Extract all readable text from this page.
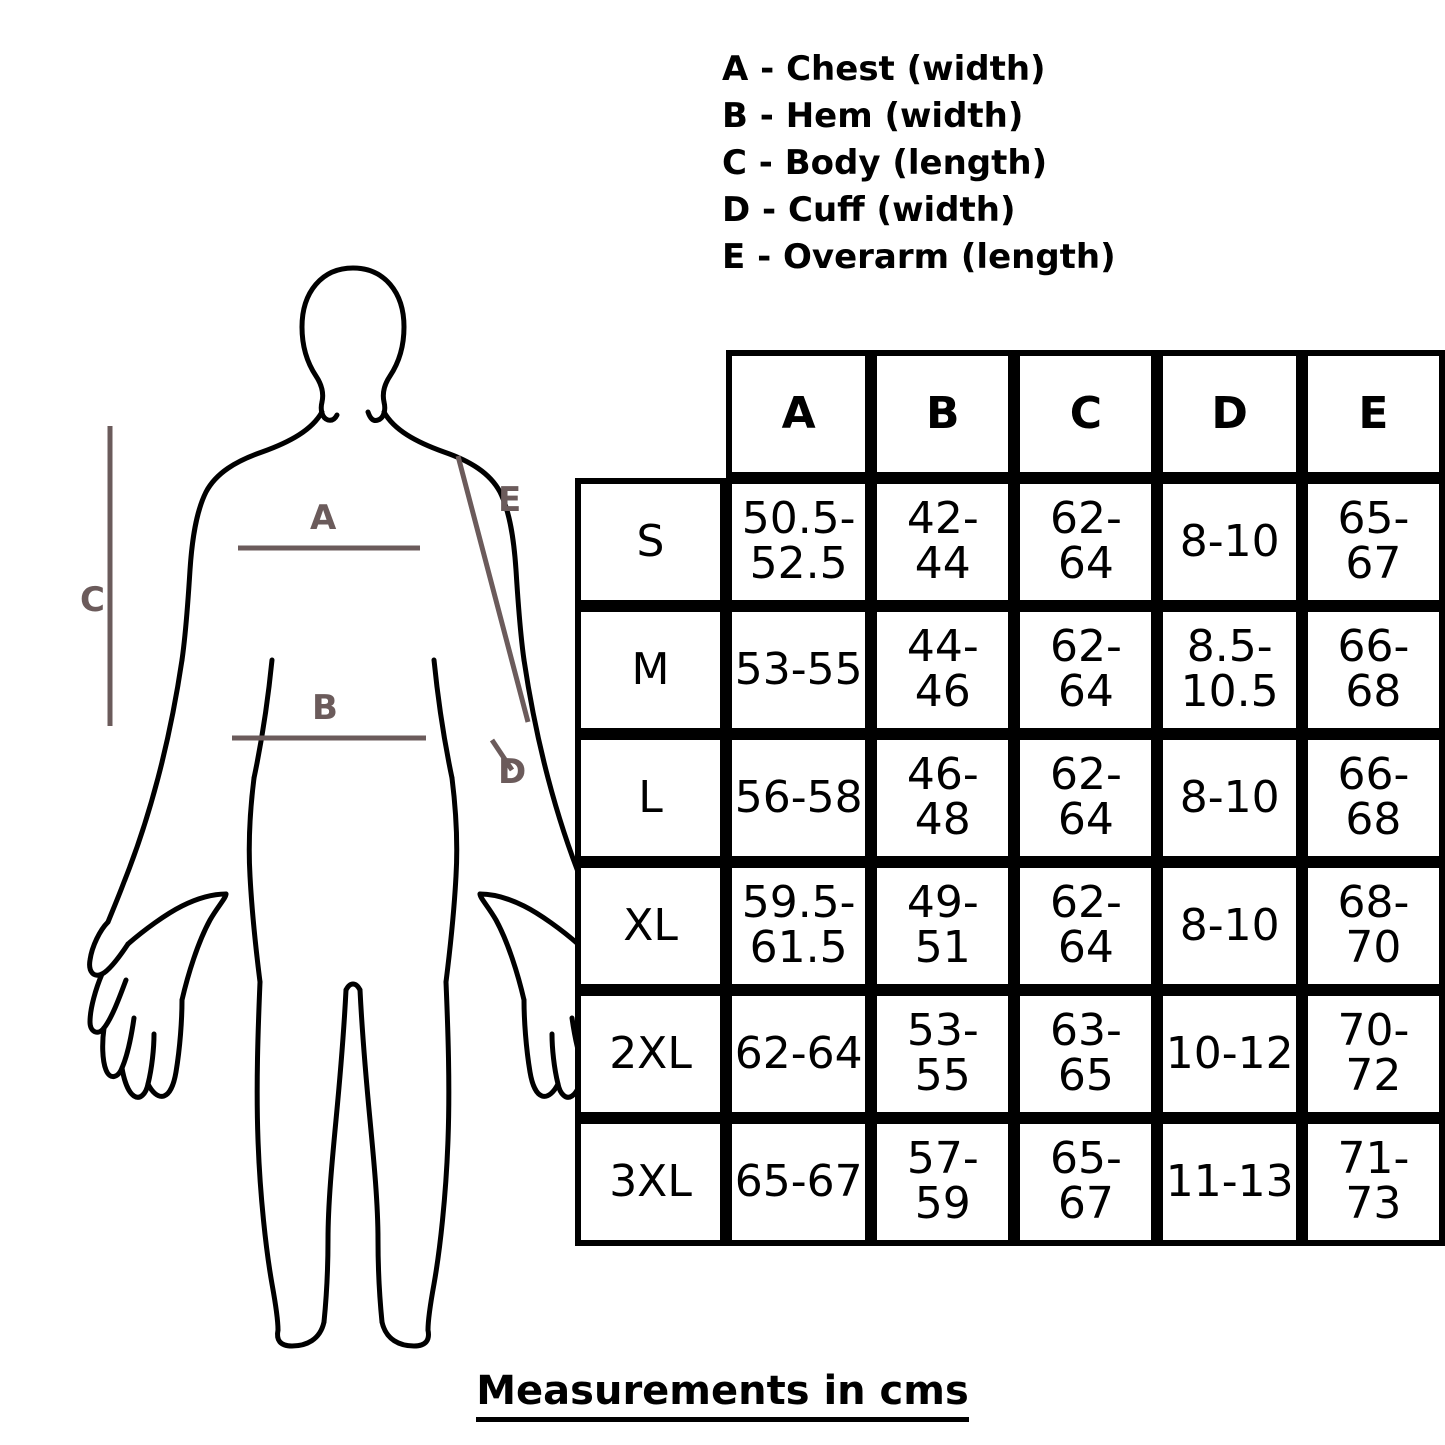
A - Chest (width)
B - Hem (width)
C - Body (length)
D - Cuff (width)
E - Overarm (length)
C
A
B
E
D
	A	B	C	D	E
S	50.5-52.5	42-44	62-64	8-10	65-67

M	53-55	44-46	62-64	8.5-10.5	66-68

L	56-58	46-48	62-64	8-10	66-68

XL	59.5-61.5	49-51	62-64	8-10	68-70

2XL	62-64	53-55	63-65	10-12	70-72

3XL	65-67	57-59	65-67	11-13	71-73
Measurements in cms
